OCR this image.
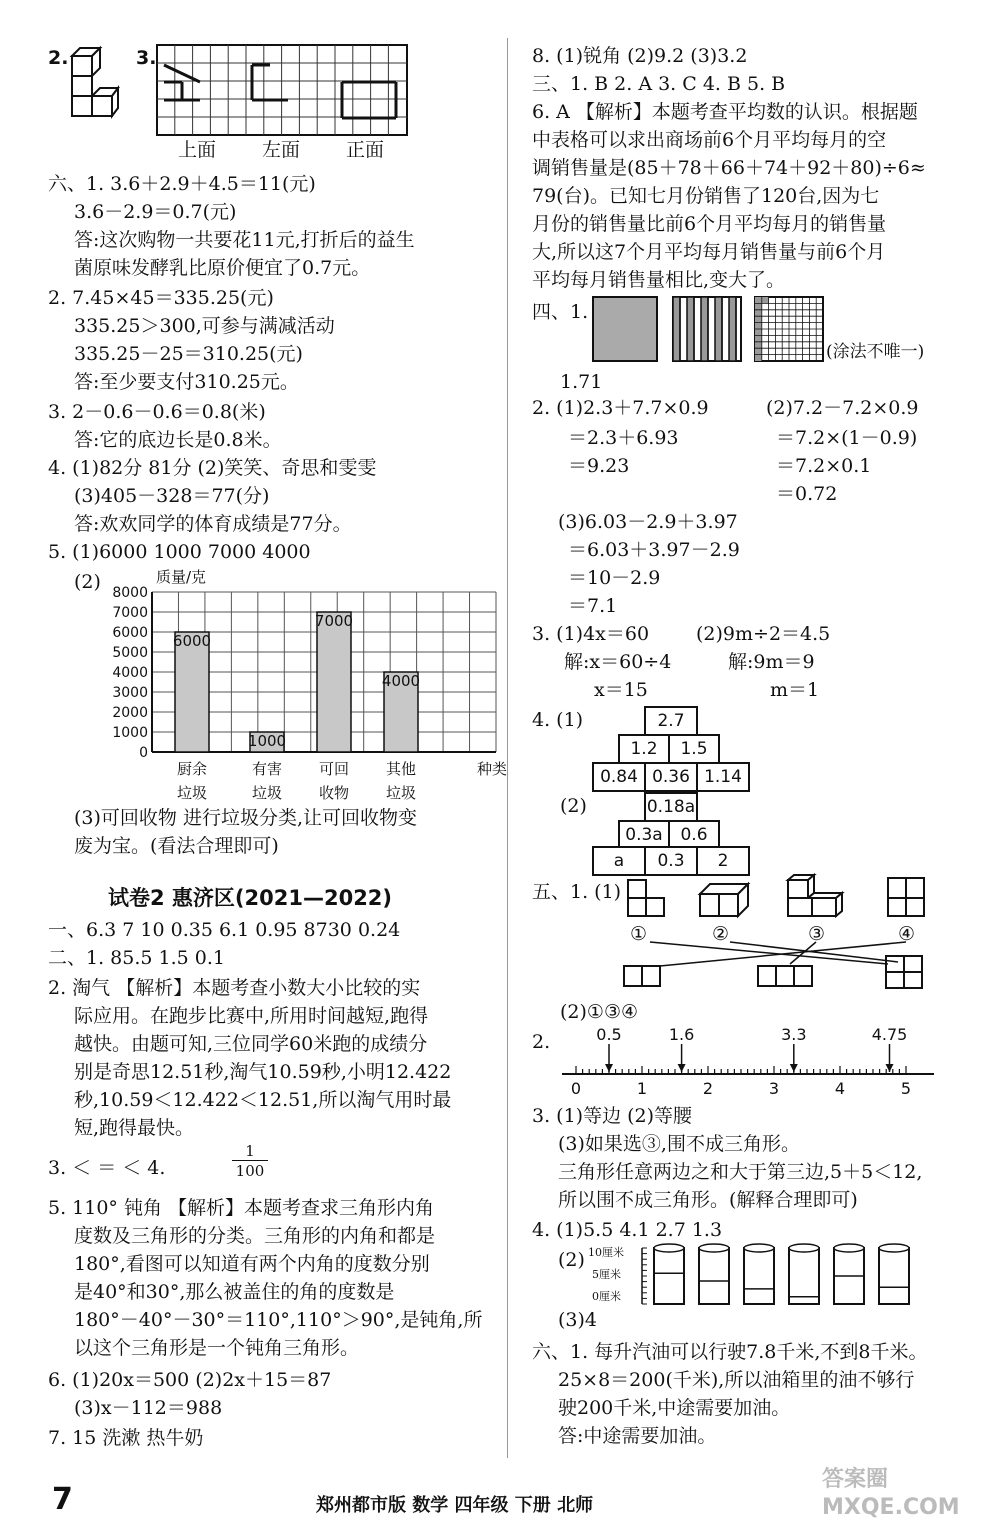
2.	3.
上面 左面 正面
六、1. 3.6＋2.9＋4.5＝11(元)
3.6－2.9＝0.7(元)
答:这次购物一共要花11元,打折后的益生
菌原味发酵乳比原价便宜了0.7元。
2. 7.45×45＝335.25(元)
335.25＞300,可参与满减活动
335.25－25＝310.25(元)
答:至少要支付310.25元。
3. 2－0.6－0.6＝0.8(米)
答:它的底边长是0.8米。
4. (1)82分 81分 (2)笑笑、奇思和雯雯
(3)405－328＝77(分)
答:欢欢同学的体育成绩是77分。
5. (1)6000 1000 7000 4000
(2)	质量/克
0
1000
2000
3000
4000
5000
6000
7000
8000
6000
厨余
垃圾
1000
有害
垃圾
7000
可回
收物
4000
其他
垃圾
种类
(3)可回收物 进行垃圾分类,让可回收物变
废为宝。(看法合理即可)
试卷2 惠济区(2021—2022)
一、6.3 7 10 0.35 6.1 0.95 8730 0.24
二、1. 85.5 1.5 0.1
2. 淘气 【解析】本题考查小数大小比较的实
际应用。在跑步比赛中,所用时间越短,跑得
越快。由题可知,三位同学60米跑的成绩分
别是奇思12.51秒,淘气10.59秒,小明12.422
秒,10.59＜12.422＜12.51,所以淘气用时最
短,跑得最快。
3. ＜ ＝ ＜ 4.
1
100
5. 110° 钝角 【解析】本题考查求三角形内角
度数及三角形的分类。三角形的内角和都是
180°,看图可以知道有两个内角的度数分别
是40°和30°,那么被盖住的角的度数是
180°－40°－30°＝110°,110°＞90°,是钝角,所
以这个三角形是一个钝角三角形。
6. (1)20x＝500 (2)2x＋15＝87
(3)x－112＝988
7. 15 洗漱 热牛奶
8. (1)锐角 (2)9.2 (3)3.2
三、1. B 2. A 3. C 4. B 5. B
6. A 【解析】本题考查平均数的认识。根据题
中表格可以求出商场前6个月平均每月的空
调销售量是(85＋78＋66＋74＋92＋80)÷6≈
79(台)。已知七月份销售了120台,因为七
月份的销售量比前6个月平均每月的销售量
大,所以这7个月平均每月销售量与前6个月
平均每月销售量相比,变大了。
四、1.
(涂法不唯一)
1.71
2. (1)2.3＋7.7×0.9	(2)7.2－7.2×0.9
＝2.3＋6.93	＝7.2×(1－0.9)
＝9.23	＝7.2×0.1
＝0.72
(3)6.03－2.9＋3.97
＝6.03＋3.97－2.9
＝10－2.9
＝7.1
3. (1)4x＝60 (2)9m÷2＝4.5
解:x＝60÷4	解:9m＝9
x＝15	m＝1
4. (1)	2.7
1.2	1.5
0.84 0.36 1.14
(2)	0.18a
0.3a	0.6
a	0.3	2
五、1. (1)
①	②	③	④
(2)①③④
2.
0	1	2	3	4	5
0.5	1.6	3.3	4.75
3. (1)等边 (2)等腰
(3)如果选③,围不成三角形。
三角形任意两边之和大于第三边,5＋5＜12,
所以围不成三角形。(解释合理即可)
4. (1)5.5 4.1 2.7 1.3
(2) 10厘米
5厘米
0厘米
(3)4
六、1. 每升汽油可以行驶7.8千米,不到8千米。
25×8＝200(千米),所以油箱里的油不够行
驶200千米,中途需要加油。
答:中途需要加油。
7	郑州都市版 数学 四年级 下册 北师
答案圈 MXQE.COM
